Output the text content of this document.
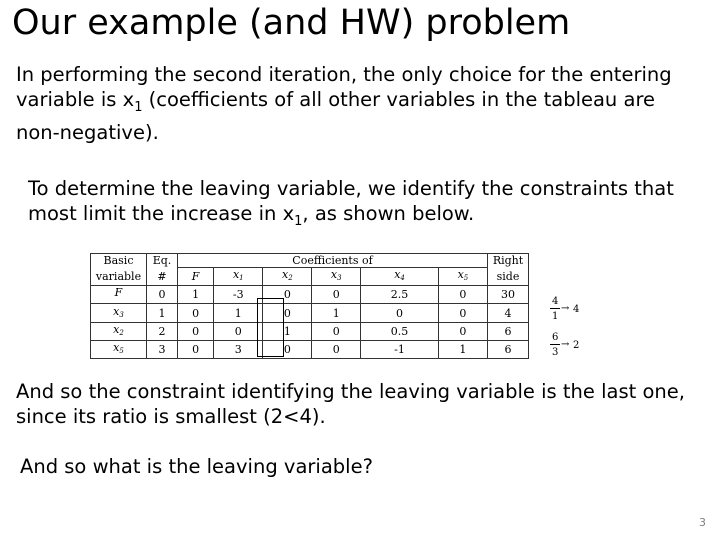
Our example (and HW) problem
In performing the second iteration, the only choice for the entering variable is $x_1$ (coefficients of all other variables in the tableau are non-negative).
To determine the leaving variable, we identify the constraints that most limit the increase in $x_1$, as shown below.
Basic	Eq.	Coefficients of						Right
variable	#	F	$x_1$	$x_2$	$x_3$	$x_4$	$x_5$	side
F	0	1	-3	0	0	2.5	0	30
$x_3$	1	0	1	0	1	0	0	4
$x_2$	2	0	0	1	0	0.5	0	6
$x_5$	3	0	3	0	0	-1	1	6
4
1
→ 4
6
3
→ 2
And so the constraint identifying the leaving variable is the last one, since its ratio is smallest (2<4).
And so what is the leaving variable?
3
